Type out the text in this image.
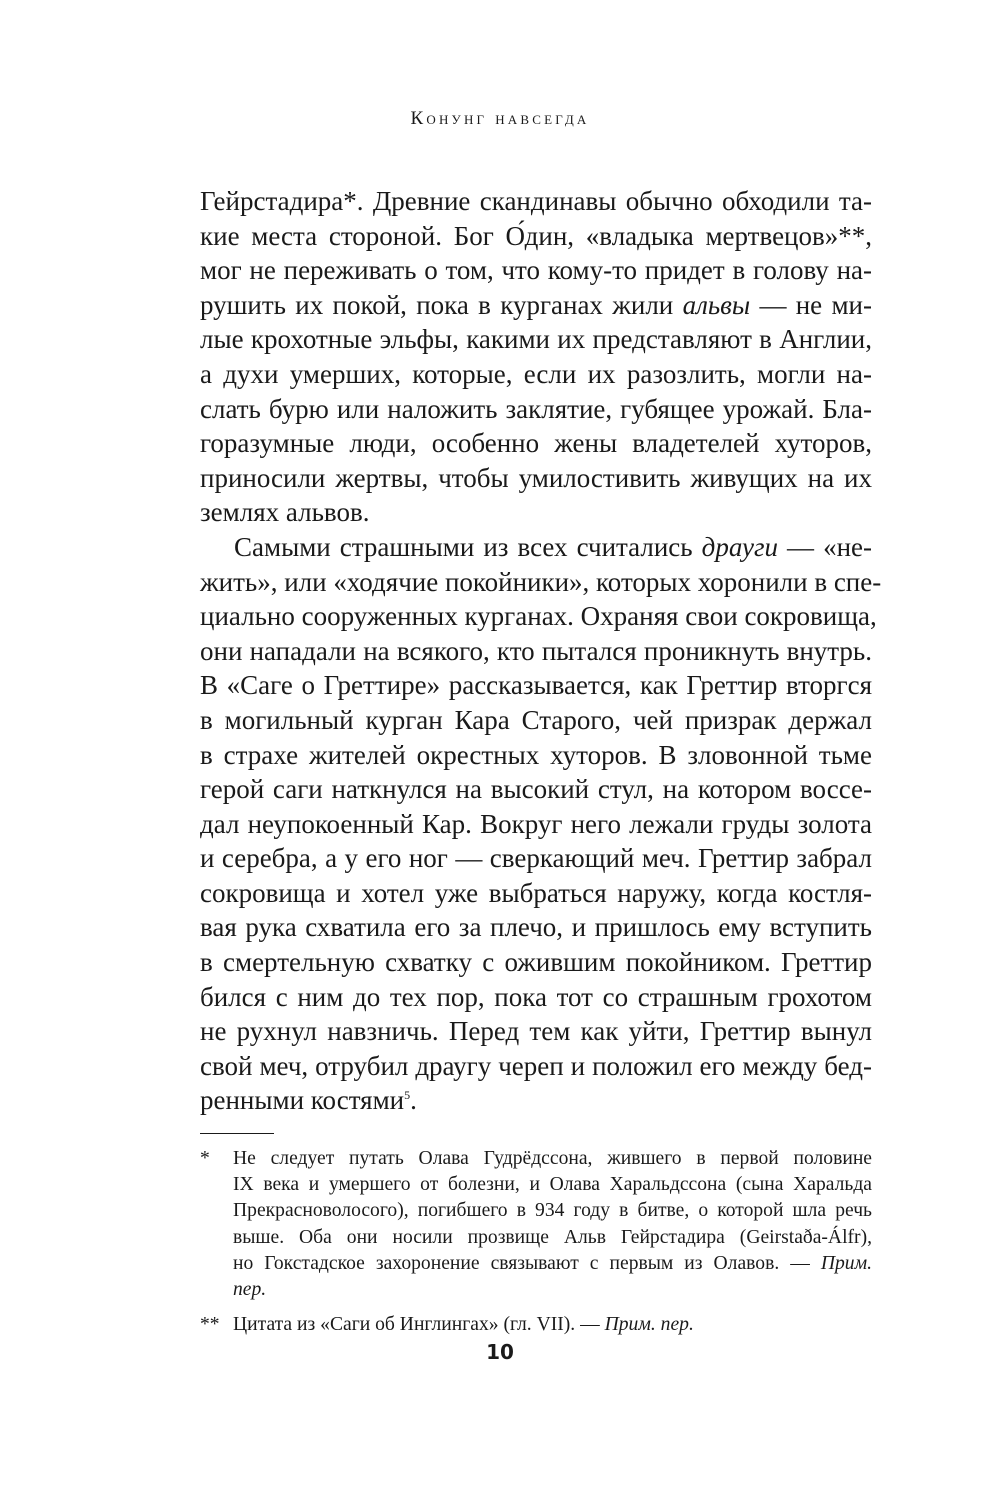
Конунг навсегда

Гейрстадира*. Древние скандинавы обычно обходили та-
кие места стороной. Бог О́дин, «владыка мертвецов»**,
мог не переживать о том, что кому-то придет в голову на-
рушить их покой, пока в курганах жили альвы — не ми-
лые крохотные эльфы, какими их представляют в Англии,
а духи умерших, которые, если их разозлить, могли на-
слать бурю или наложить заклятие, губящее урожай. Бла-
горазумные люди, особенно жены владетелей хуторов,
приносили жертвы, чтобы умилостивить живущих на их
землях альвов.

Самыми страшными из всех считались драуги — «не-
жить», или «ходячие покойники», которых хоронили в спе-
циально сооруженных курганах. Охраняя свои сокровища,
они нападали на всякого, кто пытался проникнуть внутрь.
В «Саге о Греттире» рассказывается, как Греттир вторгся
в могильный курган Кара Старого, чей призрак держал
в страхе жителей окрестных хуторов. В зловонной тьме
герой саги наткнулся на высокий стул, на котором воссе-
дал неупокоенный Кар. Вокруг него лежали груды золота
и серебра, а у его ног — сверкающий меч. Греттир забрал
сокровища и хотел уже выбраться наружу, когда костля-
вая рука схватила его за плечо, и пришлось ему вступить
в смертельную схватку с ожившим покойником. Греттир
бился с ним до тех пор, пока тот со страшным грохотом
не рухнул навзничь. Перед тем как уйти, Греттир вынул
свой меч, отрубил драугу череп и положил его между бед-
ренными костями$^5$.

* Не следует путать Олава Гудрёдссона, жившего в первой половине
IX века и умершего от болезни, и Олава Харальдссона (сына Харальда
Прекрасноволосого), погибшего в 934 году в битве, о которой шла речь
выше. Оба они носили прозвище Альв Гейрстадира (Geirstaða-Álfr),
но Гокстадское захоронение связывают с первым из Олавов. — Прим.
пер.
** Цитата из «Саги об Инглингах» (гл. VII). — Прим. пер.
10
